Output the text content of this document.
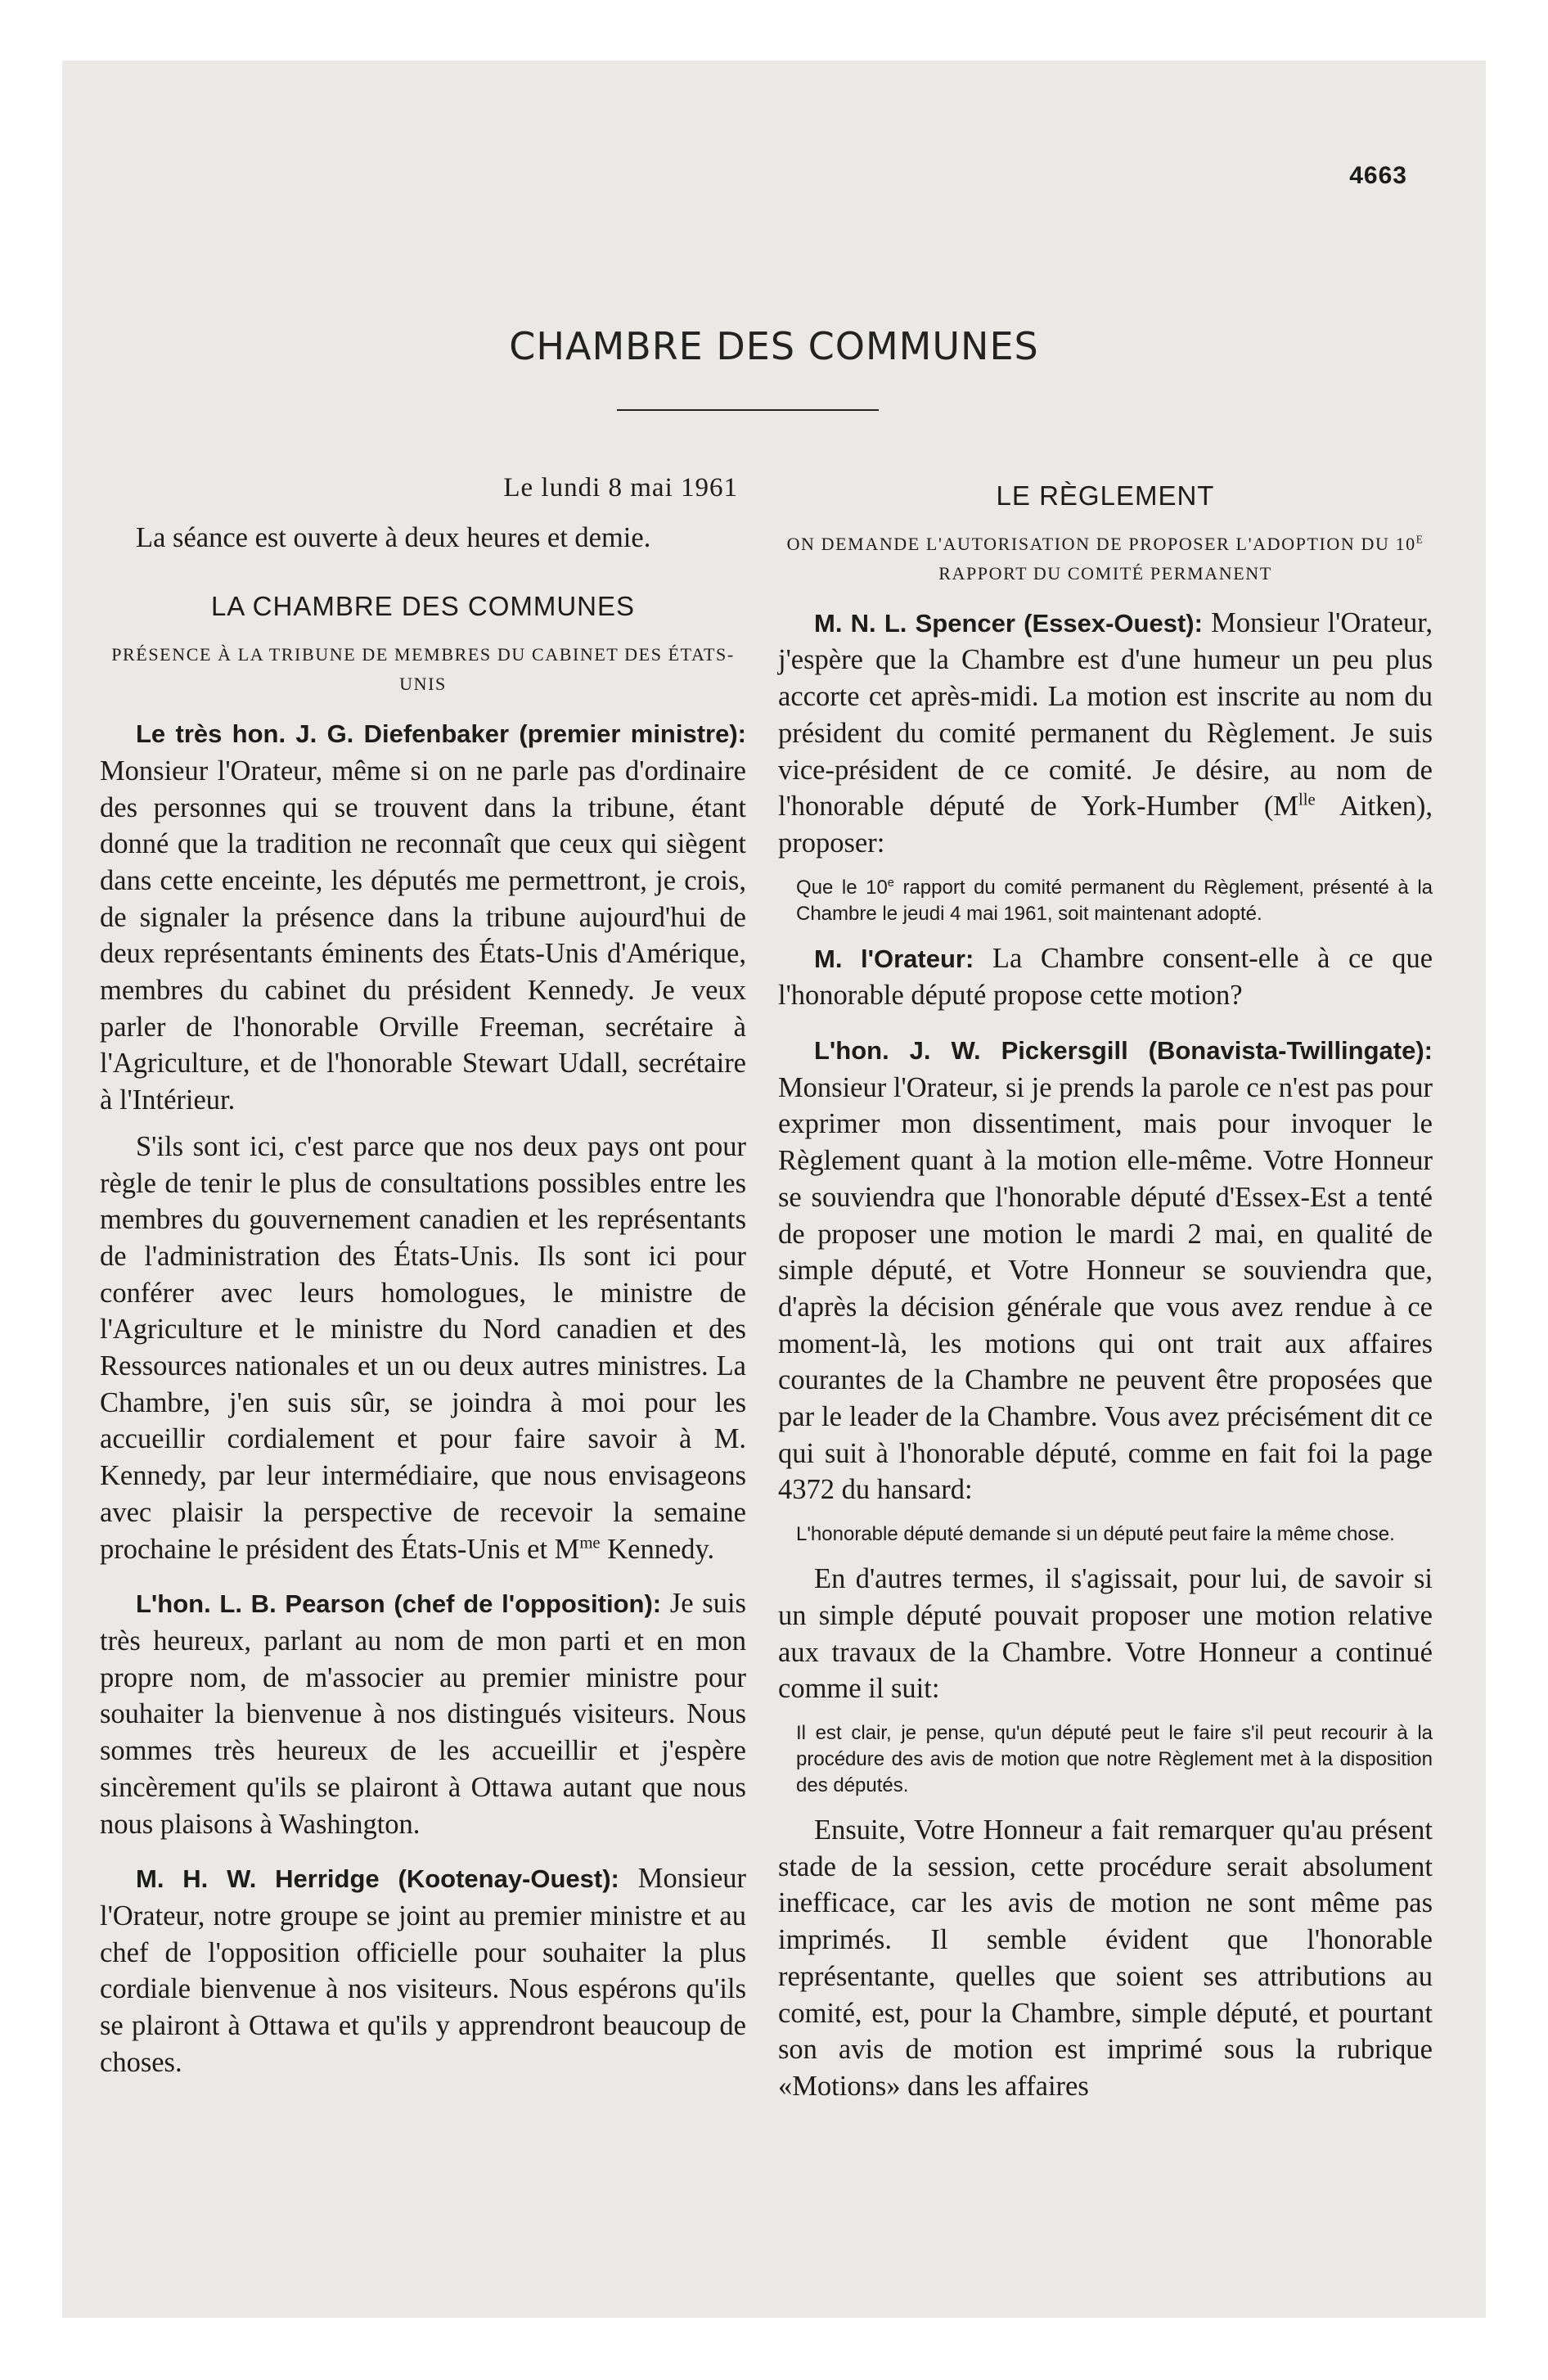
4663
CHAMBRE DES COMMUNES

Le lundi 8 mai 1961

La séance est ouverte à deux heures et demie.

LA CHAMBRE DES COMMUNES
PRÉSENCE À LA TRIBUNE DE MEMBRES DU CABINET DES ÉTATS-UNIS

Le très hon. J. G. Diefenbaker (premier ministre): Monsieur l'Orateur, même si on ne parle pas d'ordinaire des personnes qui se trouvent dans la tribune, étant donné que la tradition ne reconnaît que ceux qui siègent dans cette enceinte, les députés me permettront, je crois, de signaler la présence dans la tribune aujourd'hui de deux représentants éminents des États-Unis d'Amérique, membres du cabinet du président Kennedy. Je veux parler de l'honorable Orville Freeman, secrétaire à l'Agriculture, et de l'honorable Stewart Udall, secrétaire à l'Intérieur.

S'ils sont ici, c'est parce que nos deux pays ont pour règle de tenir le plus de consultations possibles entre les membres du gouvernement canadien et les représentants de l'administration des États-Unis. Ils sont ici pour conférer avec leurs homologues, le ministre de l'Agriculture et le ministre du Nord canadien et des Ressources nationales et un ou deux autres ministres. La Chambre, j'en suis sûr, se joindra à moi pour les accueillir cordialement et pour faire savoir à M. Kennedy, par leur intermédiaire, que nous envisageons avec plaisir la perspective de recevoir la semaine prochaine le président des États-Unis et $M^{me}$ Kennedy.

L'hon. L. B. Pearson (chef de l'opposition): Je suis très heureux, parlant au nom de mon parti et en mon propre nom, de m'associer au premier ministre pour souhaiter la bienvenue à nos distingués visiteurs. Nous sommes très heureux de les accueillir et j'espère sincèrement qu'ils se plairont à Ottawa autant que nous nous plaisons à Washington.

M. H. W. Herridge (Kootenay-Ouest): Monsieur l'Orateur, notre groupe se joint au premier ministre et au chef de l'opposition officielle pour souhaiter la plus cordiale bienvenue à nos visiteurs. Nous espérons qu'ils se plairont à Ottawa et qu'ils y apprendront beaucoup de choses.

LE RÈGLEMENT
ON DEMANDE L'AUTORISATION DE PROPOSER L'ADOPTION DU $10^E$ RAPPORT DU COMITÉ PERMANENT

M. N. L. Spencer (Essex-Ouest): Monsieur l'Orateur, j'espère que la Chambre est d'une humeur un peu plus accorte cet après-midi. La motion est inscrite au nom du président du comité permanent du Règlement. Je suis vice-président de ce comité. Je désire, au nom de l'honorable député de York-Humber ($M^{lle}$ Aitken), proposer:

Que le 10e rapport du comité permanent du Règlement, présenté à la Chambre le jeudi 4 mai 1961, soit maintenant adopté.

M. l'Orateur: La Chambre consent-elle à ce que l'honorable député propose cette motion?

L'hon. J. W. Pickersgill (Bonavista-Twillingate): Monsieur l'Orateur, si je prends la parole ce n'est pas pour exprimer mon dissentiment, mais pour invoquer le Règlement quant à la motion elle-même. Votre Honneur se souviendra que l'honorable député d'Essex-Est a tenté de proposer une motion le mardi 2 mai, en qualité de simple député, et Votre Honneur se souviendra que, d'après la décision générale que vous avez rendue à ce moment-là, les motions qui ont trait aux affaires courantes de la Chambre ne peuvent être proposées que par le leader de la Chambre. Vous avez précisément dit ce qui suit à l'honorable député, comme en fait foi la page 4372 du hansard:

L'honorable député demande si un député peut faire la même chose.

En d'autres termes, il s'agissait, pour lui, de savoir si un simple député pouvait proposer une motion relative aux travaux de la Chambre. Votre Honneur a continué comme il suit:

Il est clair, je pense, qu'un député peut le faire s'il peut recourir à la procédure des avis de motion que notre Règlement met à la disposition des députés.

Ensuite, Votre Honneur a fait remarquer qu'au présent stade de la session, cette procédure serait absolument inefficace, car les avis de motion ne sont même pas imprimés. Il semble évident que l'honorable représentante, quelles que soient ses attributions au comité, est, pour la Chambre, simple député, et pourtant son avis de motion est imprimé sous la rubrique «Motions» dans les affaires
